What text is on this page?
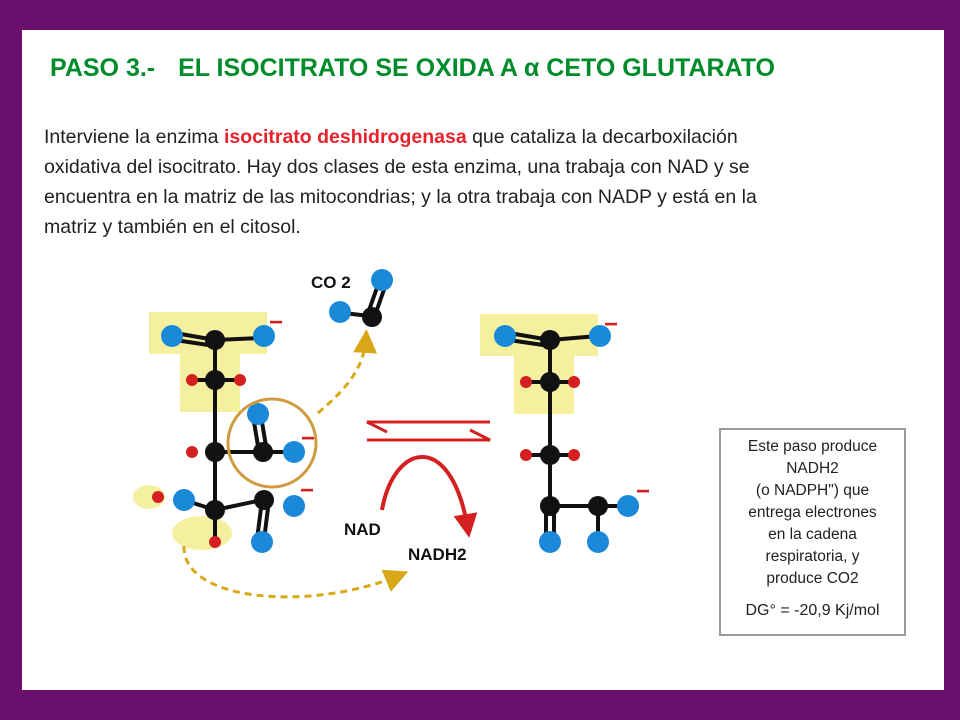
PASO 3.- EL ISOCITRATO SE OXIDA A α CETO GLUTARATO

Interviene la enzima isocitrato deshidrogenasa que cataliza la decarboxilación oxidativa del isocitrato. Hay dos clases de esta enzima, una trabaja con NAD y se encuentra en la matriz de las mitocondrias; y la otra trabaja con NADP y está en la matriz y también en el citosol.

−
−
−
CO 2
−
−
NAD
NADH2
Este paso produce
NADH2
(o NADPH") que
entrega electrones
en la cadena
respiratoria, y
produce CO2
DG° = -20,9 Kj/mol
